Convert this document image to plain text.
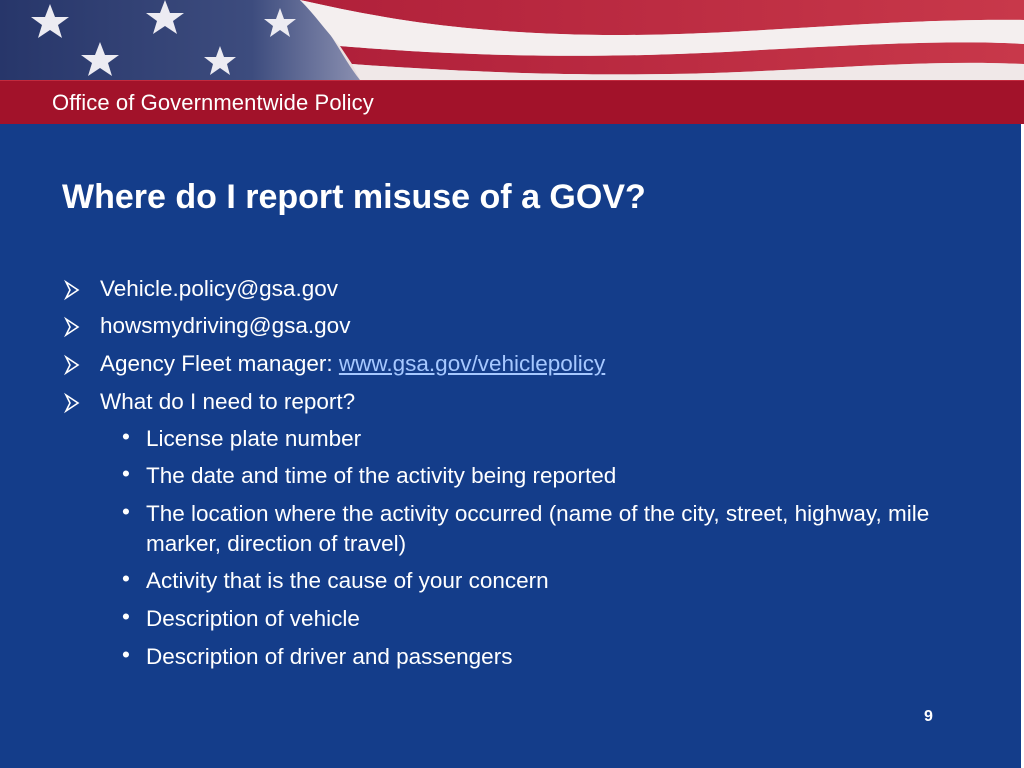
Office of Governmentwide Policy
Where do I report misuse of a GOV?
Vehicle.policy@gsa.gov
howsmydriving@gsa.gov
Agency Fleet manager: www.gsa.gov/vehiclepolicy
What do I need to report?
• License plate number
• The date and time of the activity being reported
• The location where the activity occurred (name of the city, street, highway, mile marker, direction of travel)
• Activity that is the cause of your concern
• Description of vehicle
• Description of driver and passengers
9
